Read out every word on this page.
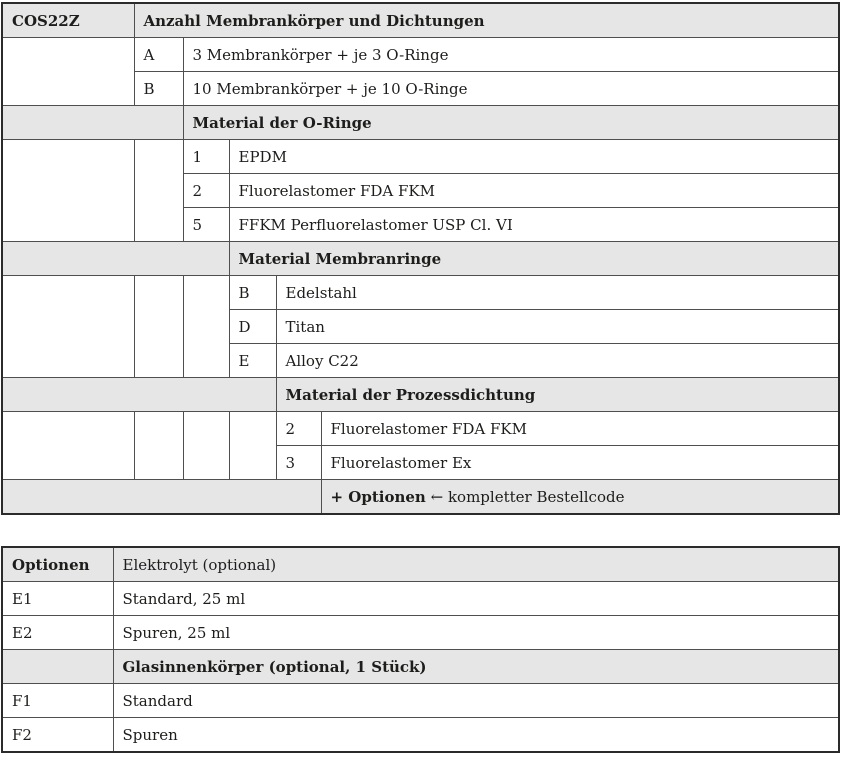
COS22Z	Anzahl Membrankörper und Dichtungen				
	A	3 Membrankörper + je 3 O-Ringe			
	B	10 Membrankörper + je 10 O-Ringe			
		Material der O-Ringe			
		1	EPDM		
		2	Fluorelastomer FDA FKM		
		5	FFKM Perfluorelastomer USP Cl. VI		
			Material Membranringe		
			B	Edelstahl	
			D	Titan	
			E	Alloy C22	
				Material der Prozessdichtung	
				2	Fluorelastomer FDA FKM
				3	Fluorelastomer Ex
					+ Optionen ← kompletter Bestellcode
Optionen	Elektrolyt (optional)
E1	Standard, 25 ml
E2	Spuren, 25 ml
	Glasinnenkörper (optional, 1 Stück)
F1	Standard
F2	Spuren
